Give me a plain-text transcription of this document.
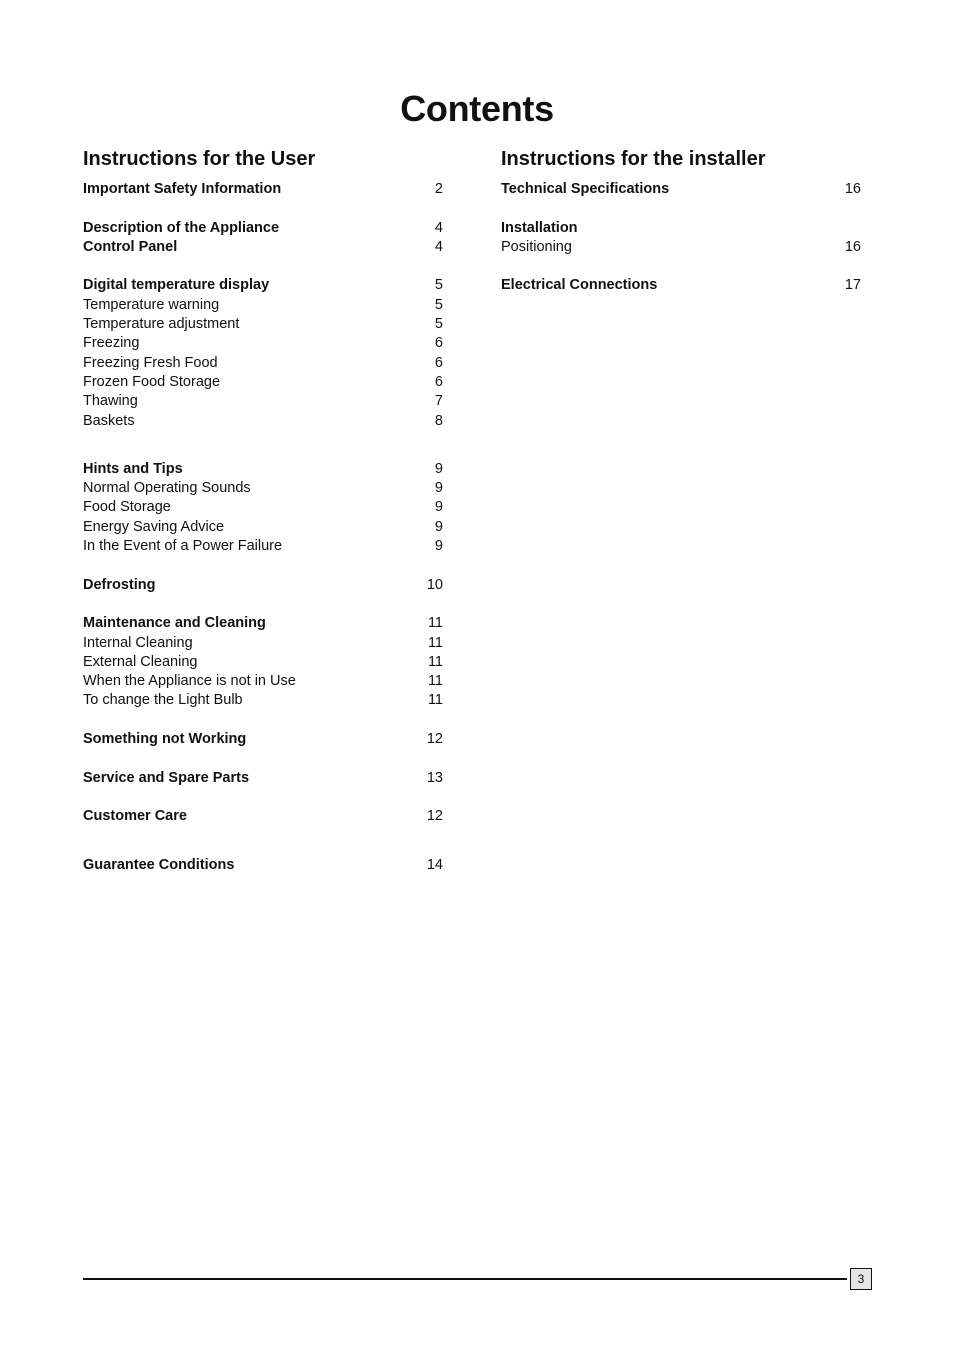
Contents
Instructions for the User
Important Safety Information	2
Description of the Appliance	4
Control Panel	4
Digital temperature display	5
Temperature warning	5
Temperature adjustment	5
Freezing	6
Freezing Fresh Food	6
Frozen Food Storage	6
Thawing	7
Baskets	8
Hints and Tips	9
Normal Operating Sounds	9
Food Storage	9
Energy Saving Advice	9
In the Event of a Power Failure	9
Defrosting	10
Maintenance and Cleaning	11
Internal Cleaning	11
External Cleaning	11
When the Appliance is not in Use	11
To change the Light Bulb	11
Something not Working	12
Service and Spare Parts	13
Customer Care	12
Guarantee Conditions	14
Instructions for the installer
Technical Specifications	16
Installation
Positioning	16
Electrical Connections	17
3
